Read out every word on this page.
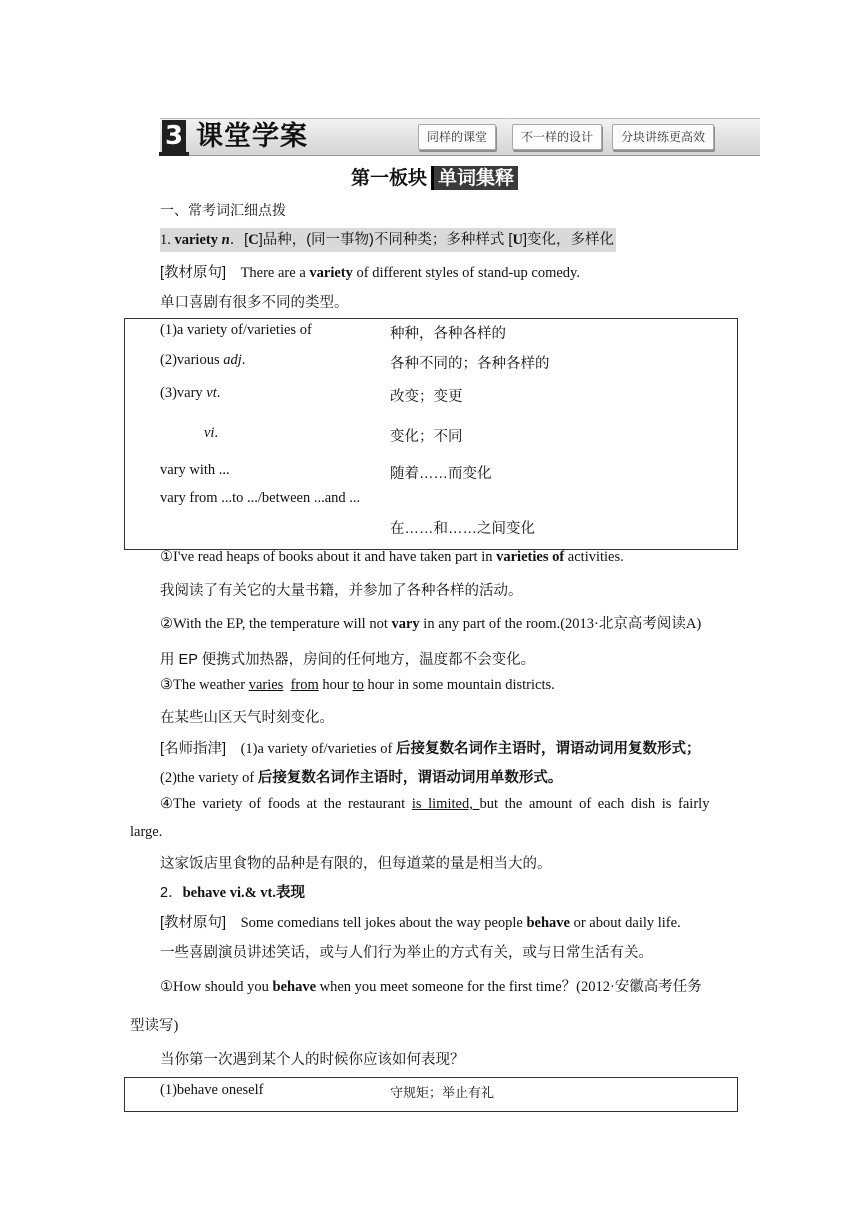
3 课堂学案	同样的课堂	不一样的设计	分块讲练更高效
第一板块 单词集释
一、常考词汇细点拨
1. variety n．[C]品种，(同一事物)不同种类；多种样式 [U]变化，多样化
[教材原句] There are a variety of different styles of stand-up comedy.
单口喜剧有很多不同的类型。
(1)a variety of/varieties of	种种，各种各样的
(2)various adj.	各种不同的；各种各样的
(3)vary vt.	改变；变更
vi.	变化；不同
vary with ...	随着……而变化
vary from ...to .../between ...and ...
在……和……之间变化
①I've read heaps of books about it and have taken part in varieties of activities.
我阅读了有关它的大量书籍，并参加了各种各样的活动。
②With the EP, the temperature will not vary in any part of the room.(2013·北京高考阅读A)
用 EP 便携式加热器，房间的任何地方，温度都不会变化。
③The weather varies from hour to hour in some mountain districts.
在某些山区天气时刻变化。
[名师指津] (1)a variety of/varieties of 后接复数名词作主语时，谓语动词用复数形式；
(2)the variety of 后接复数名词作主语时，谓语动词用单数形式。
④The variety of foods at the restaurant is limited, but the amount of each dish is fairly
large.
这家饭店里食物的品种是有限的，但每道菜的量是相当大的。
2．behave vi.& vt.表现
[教材原句] Some comedians tell jokes about the way people behave or about daily life.
一些喜剧演员讲述笑话，或与人们行为举止的方式有关，或与日常生活有关。
①How should you behave when you meet someone for the first time？(2012·安徽高考任务
型读写)
当你第一次遇到某个人的时候你应该如何表现？
(1)behave oneself	守规矩；举止有礼
